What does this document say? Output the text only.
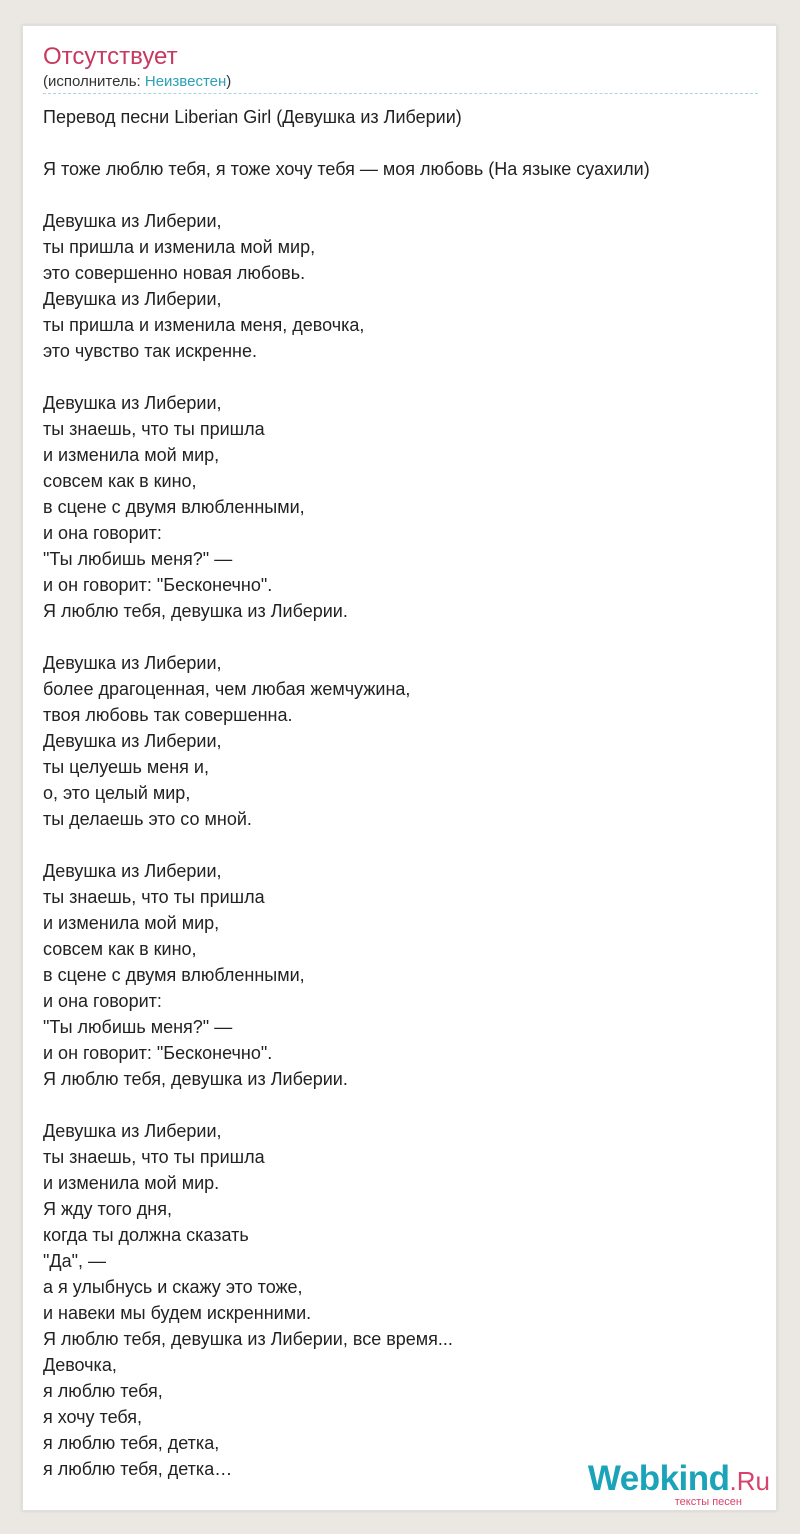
Отсутствует
(исполнитель: Неизвестен)
Перевод песни Liberian Girl (Девушка из Либерии)
Я тоже люблю тебя, я тоже хочу тебя — моя любовь (На языке суахили)
Девушка из Либерии,
ты пришла и изменила мой мир,
это совершенно новая любовь.
Девушка из Либерии,
ты пришла и изменила меня, девочка,
это чувство так искренне.
Девушка из Либерии,
ты знаешь, что ты пришла
и изменила мой мир,
совсем как в кино,
в сцене с двумя влюбленными,
и она говорит:
"Ты любишь меня?" —
и он говорит: "Бесконечно".
Я люблю тебя, девушка из Либерии.
Девушка из Либерии,
более драгоценная, чем любая жемчужина,
твоя любовь так совершенна.
Девушка из Либерии,
ты целуешь меня и,
о, это целый мир,
ты делаешь это со мной.
Девушка из Либерии,
ты знаешь, что ты пришла
и изменила мой мир,
совсем как в кино,
в сцене с двумя влюбленными,
и она говорит:
"Ты любишь меня?" —
и он говорит: "Бесконечно".
Я люблю тебя, девушка из Либерии.
Девушка из Либерии,
ты знаешь, что ты пришла
и изменила мой мир.
Я жду того дня,
когда ты должна сказать
"Да", —
а я улыбнусь и скажу это тоже,
и навеки мы будем искренними.
Я люблю тебя, девушка из Либерии, все время...
Девочка,
я люблю тебя,
я хочу тебя,
я люблю тебя, детка,
я люблю тебя, детка…	Webkind.Ru
тексты песен
